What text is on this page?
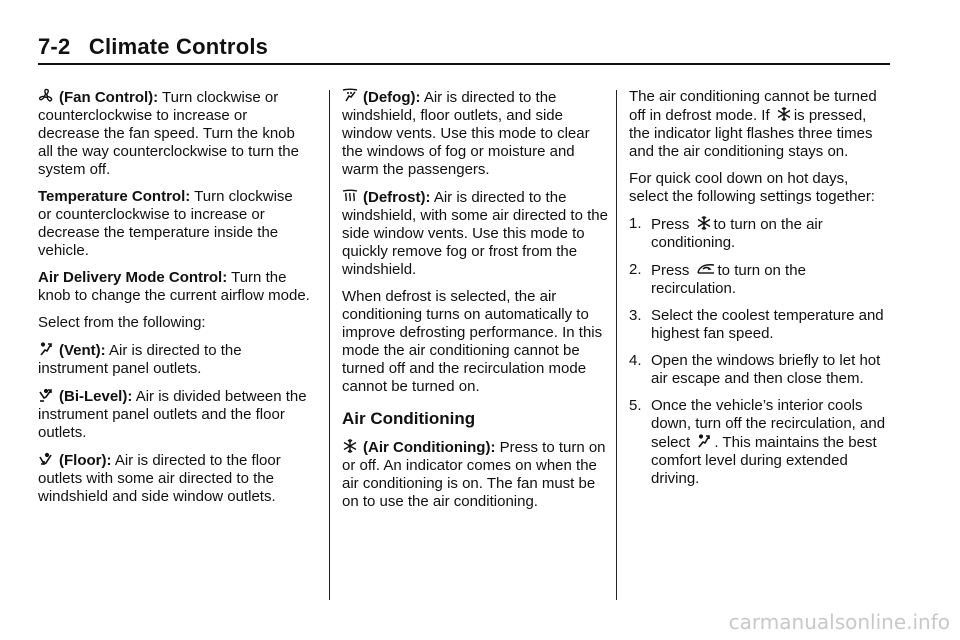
7-2 Climate Controls

(Fan Control): Turn clockwise or counterclockwise to increase or decrease the fan speed. Turn the knob all the way counterclockwise to turn the system off.

Temperature Control: Turn clockwise or counterclockwise to increase or decrease the temperature inside the vehicle.

Air Delivery Mode Control: Turn the knob to change the current airflow mode.

Select from the following:

(Vent): Air is directed to the instrument panel outlets.

(Bi-Level): Air is divided between the instrument panel outlets and the floor outlets.

(Floor): Air is directed to the floor outlets with some air directed to the windshield and side window outlets.

(Defog): Air is directed to the windshield, floor outlets, and side window vents. Use this mode to clear the windows of fog or moisture and warm the passengers.

(Defrost): Air is directed to the windshield, with some air directed to the side window vents. Use this mode to quickly remove fog or frost from the windshield.

When defrost is selected, the air conditioning turns on automatically to improve defrosting performance. In this mode the air conditioning cannot be turned off and the recirculation mode cannot be turned on.

Air Conditioning

(Air Conditioning): Press to turn on or off. An indicator comes on when the air conditioning is on. The fan must be on to use the air conditioning.

The air conditioning cannot be turned off in defrost mode. If is pressed, the indicator light flashes three times and the air conditioning stays on.

For quick cool down on hot days, select the following settings together:

1. Press to turn on the air conditioning.
2. Press to turn on the recirculation.
3. Select the coolest temperature and highest fan speed.
4. Open the windows briefly to let hot air escape and then close them.
5. Once the vehicle’s interior cools down, turn off the recirculation, and select . This maintains the best comfort level during extended driving.
carmanualsonline.info
